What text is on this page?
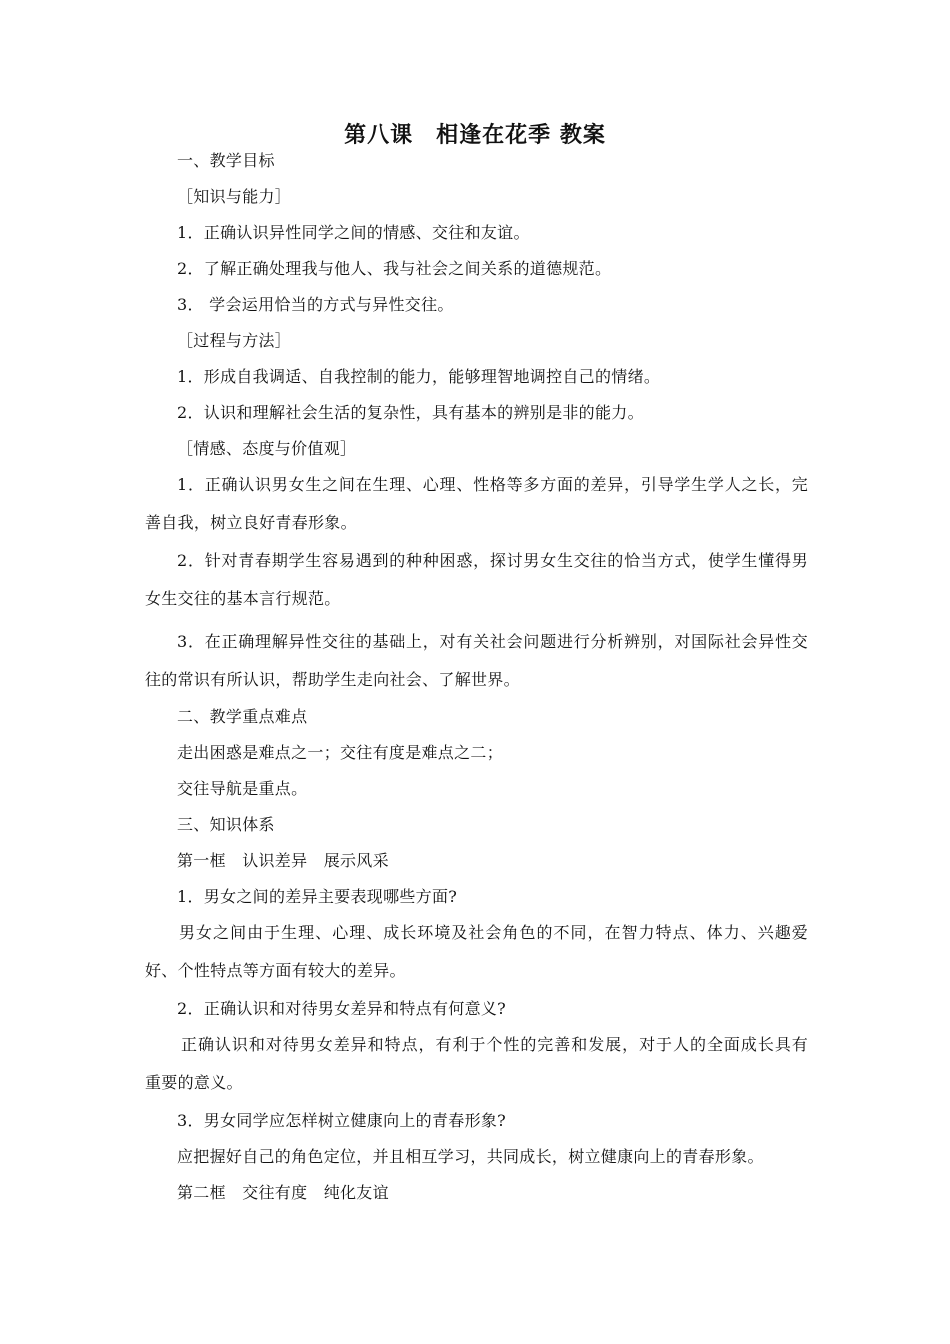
第八课　相逢在花季 教案
一、教学目标
［知识与能力］
1．正确认识异性同学之间的情感、交往和友谊。
2．了解正确处理我与他人、我与社会之间关系的道德规范。
3． 学会运用恰当的方式与异性交往。
［过程与方法］
1．形成自我调适、自我控制的能力，能够理智地调控自己的情绪。
2．认识和理解社会生活的复杂性，具有基本的辨别是非的能力。
［情感、态度与价值观］
1．正确认识男女生之间在生理、心理、性格等多方面的差异，引导学生学人之长，完
善自我，树立良好青春形象。
2．针对青春期学生容易遇到的种种困惑，探讨男女生交往的恰当方式，使学生懂得男
女生交往的基本言行规范。
3．在正确理解异性交往的基础上，对有关社会问题进行分析辨别，对国际社会异性交
往的常识有所认识，帮助学生走向社会、了解世界。
二、教学重点难点
走出困惑是难点之一；交往有度是难点之二；
交往导航是重点。
三、知识体系
第一框　认识差异　展示风采
1．男女之间的差异主要表现哪些方面?
男女之间由于生理、心理、成长环境及社会角色的不同，在智力特点、体力、兴趣爱
好、个性特点等方面有较大的差异。
2．正确认识和对待男女差异和特点有何意义?
正确认识和对待男女差异和特点，有利于个性的完善和发展，对于人的全面成长具有
重要的意义。
3．男女同学应怎样树立健康向上的青春形象?
应把握好自己的角色定位，并且相互学习，共同成长，树立健康向上的青春形象。
第二框　交往有度　纯化友谊
